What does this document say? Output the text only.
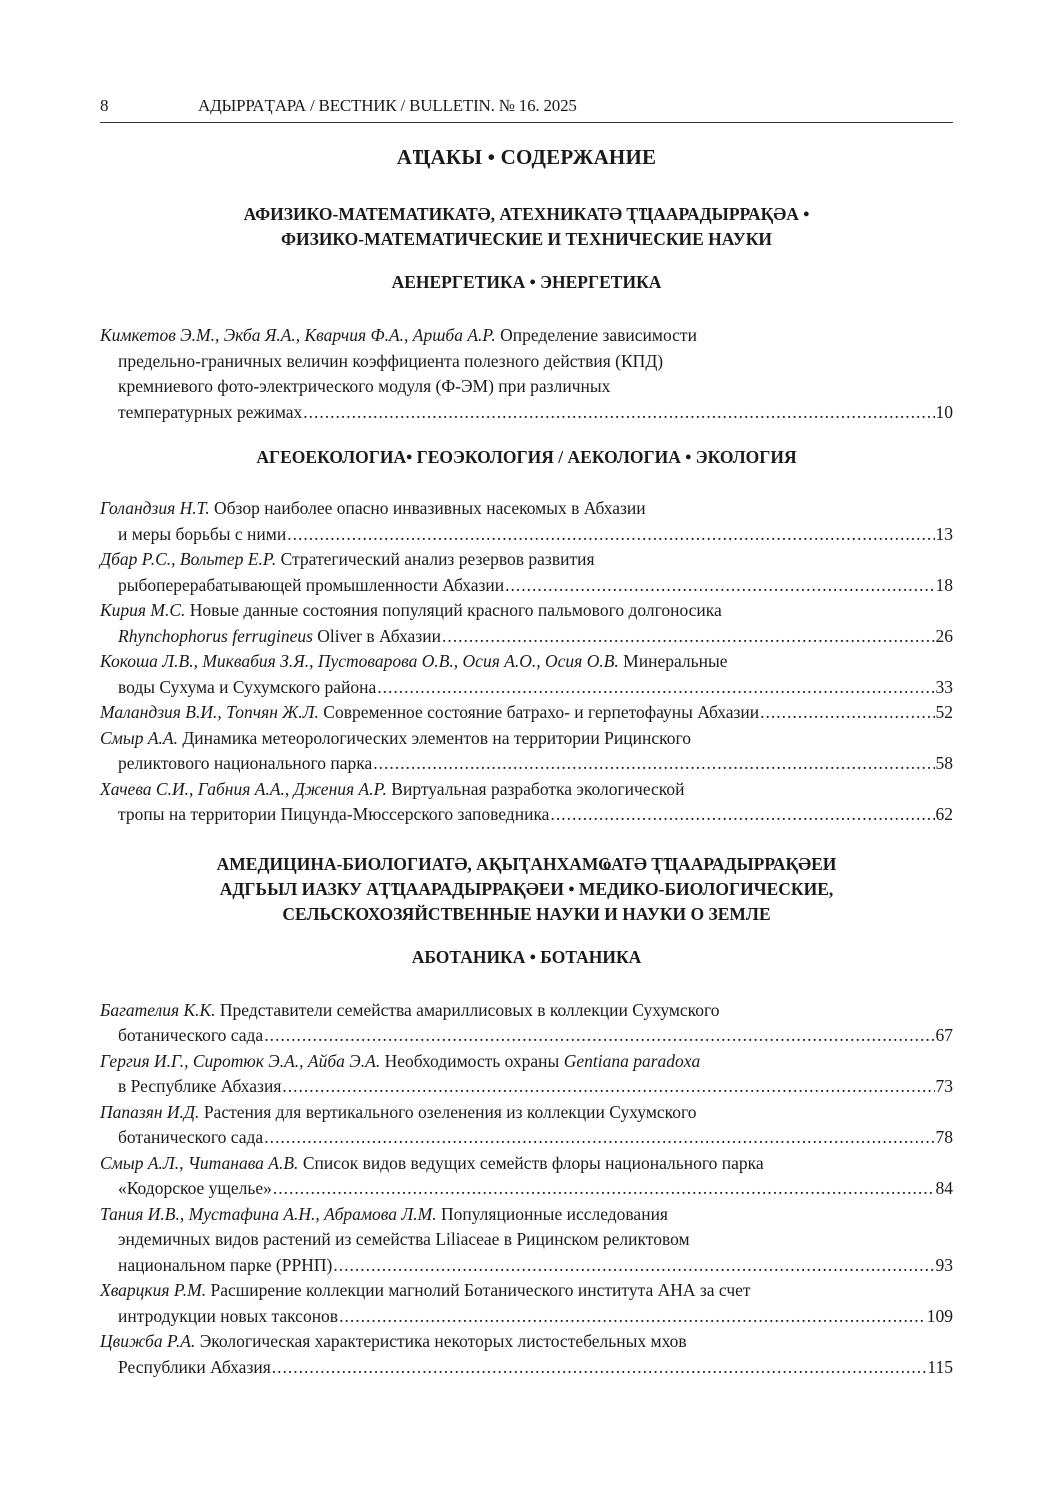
8	АДЫРРАҬАРА / ВЕСТНИК / BULLETIN. № 16. 2025
АҴАКЫ • СОДЕРЖАНИЕ
АФИЗИКО-МАТЕМАТИКАТӘ, АТЕХНИКАТӘ ҬҴААРАДЫРРАҚӘА •
ФИЗИКО-МАТЕМАТИЧЕСКИЕ И ТЕХНИЧЕСКИЕ НАУКИ
АЕНЕРГЕТИКА • ЭНЕРГЕТИКА
Кимкетов Э.М., Экба Я.А., Кварчия Ф.А., Аршба А.Р. Определение зависимости
предельно-граничных величин коэффициента полезного действия (КПД)
кремниевого фото-электрического модуля (Ф-ЭМ) при различных
температурных режимах .....	10
АГЕОЕКОЛОГИА• ГЕОЭКОЛОГИЯ / АЕКОЛОГИА • ЭКОЛОГИЯ
Голандзия Н.Т. Обзор наиболее опасно инвазивных насекомых в Абхазии
и меры борьбы с ними .....	13
Дбар Р.С., Вольтер Е.Р. Стратегический анализ резервов развития
рыбоперерабатывающей промышленности Абхазии .....	18
Кирия М.С. Новые данные состояния популяций красного пальмового долгоносика
Rhynchophorus ferrugineus Oliver в Абхазии .....	26
Кокоша Л.В., Миквабия З.Я., Пустоварова О.В., Осия А.О., Осия О.В. Минеральные
воды Сухума и Сухумского района .....	33
Маландзия В.И., Топчян Ж.Л. Современное состояние батрахо- и герпетофауны Абхазии .....	52
Смыр А.А. Динамика метеорологических элементов на территории Рицинского
реликтового национального парка .....	58
Хачева С.И., Габния А.А., Джения А.Р. Виртуальная разработка экологической
тропы на территории Пицунда-Мюссерского заповедника .....	62
АМЕДИЦИНА-БИОЛОГИАТӘ, АҚЫҬАНХАМҨАТӘ ҬҴААРАДЫРРАҚӘЕИ
АДГЬЫЛ ИАЗКУ АҬҴААРАДЫРРАҚӘЕИ • МЕДИКО-БИОЛОГИЧЕСКИЕ,
СЕЛЬСКОХОЗЯЙСТВЕННЫЕ НАУКИ И НАУКИ О ЗЕМЛЕ
АБОТАНИКА • БОТАНИКА
Багателия К.К. Представители семейства амариллисовых в коллекции Сухумского
ботанического сада .....	67
Гергия И.Г., Сиротюк Э.А., Айба Э.А. Необходимость охраны Gentiana paradoxa
в Республике Абхазия .....	73
Папазян И.Д. Растения для вертикального озеленения из коллекции Сухумского
ботанического сада .....	78
Смыр А.Л., Читанава А.В. Список видов ведущих семейств флоры национального парка
«Кодорское ущелье» .....	84
Тания И.В., Мустафина А.Н., Абрамова Л.М. Популяционные исследования
эндемичных видов растений из семейства Liliaceae в Рицинском реликтовом
национальном парке (РРНП) .....	93
Хварцкия Р.М. Расширение коллекции магнолий Ботанического института АНА за счет
интродукции новых таксонов .....	109
Цвижба Р.А. Экологическая характеристика некоторых листостебельных мхов
Республики Абхазия .....	115
